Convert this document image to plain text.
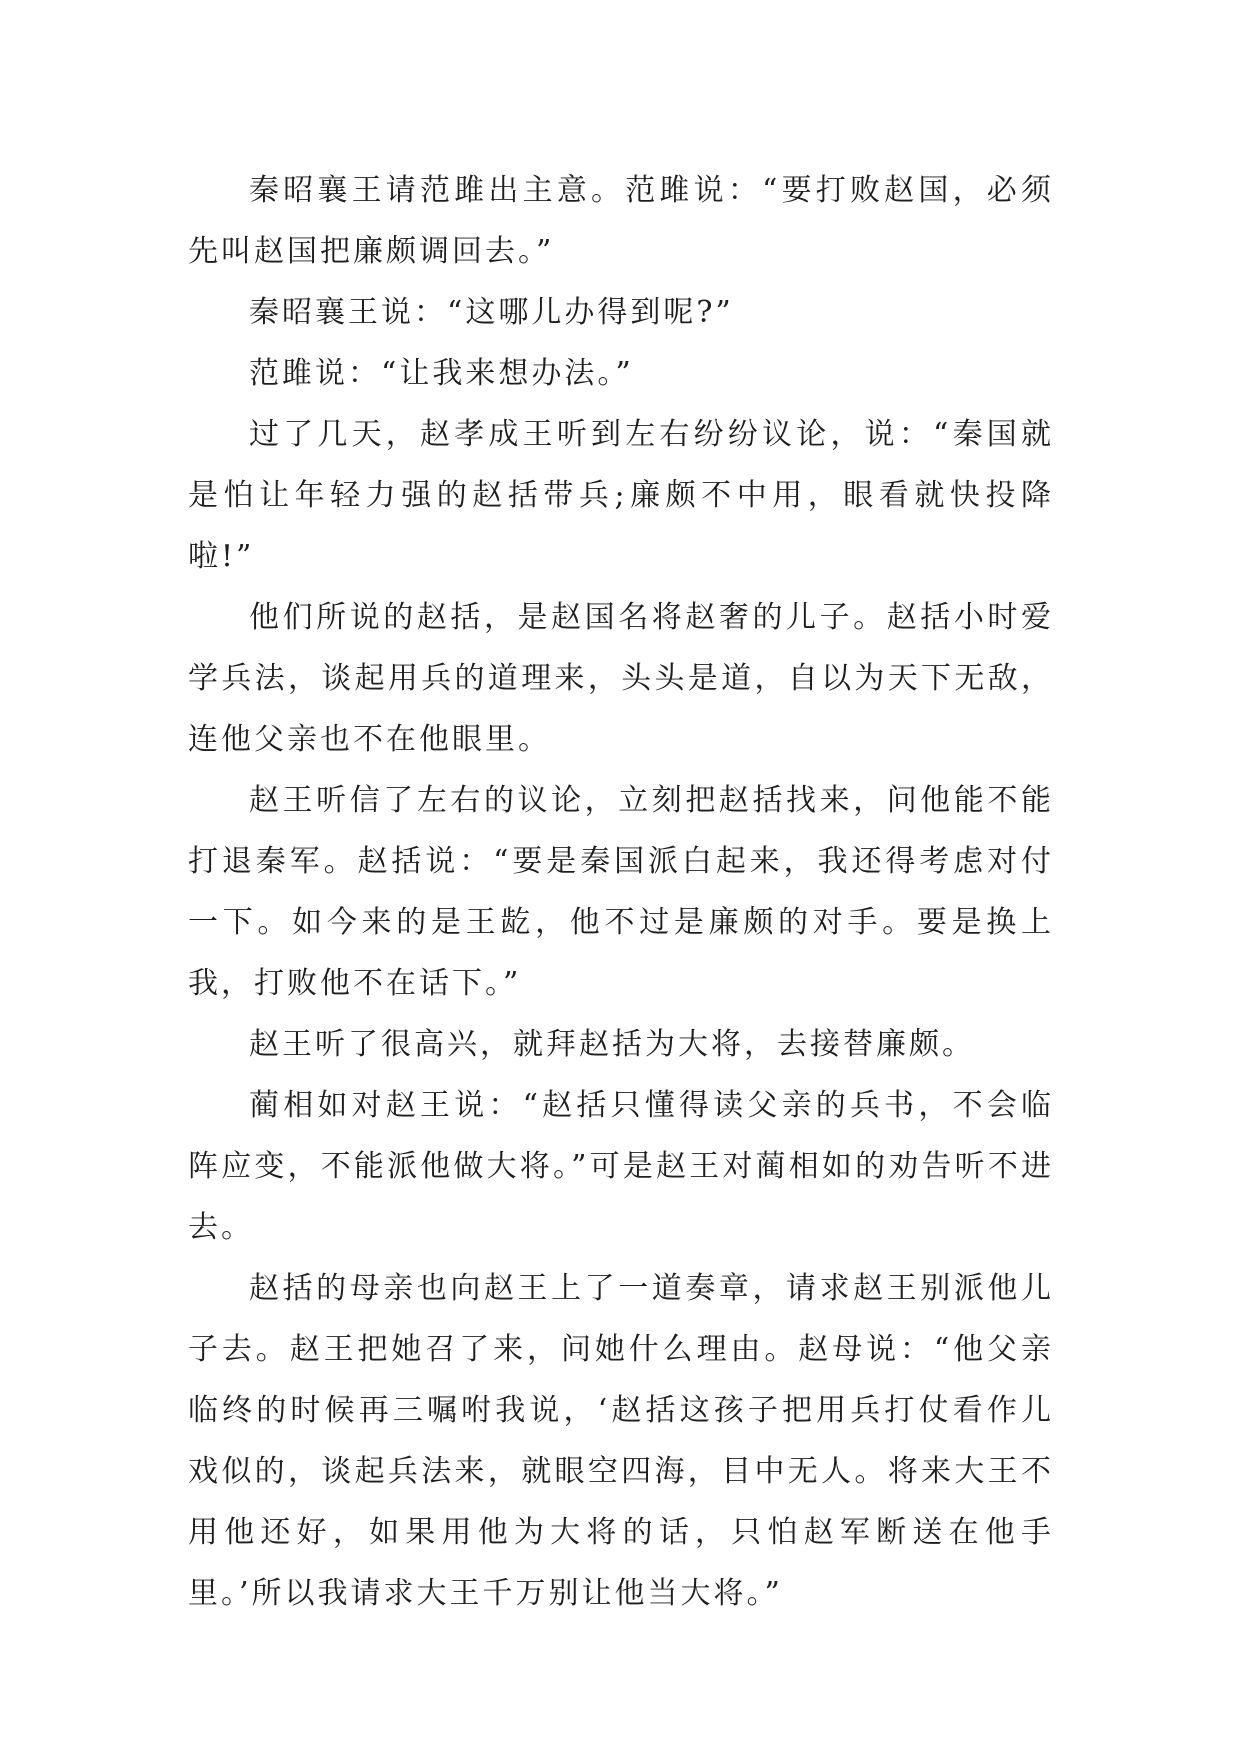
秦昭襄王请范雎出主意。范雎说：“要打败赵国，必须先叫赵国把廉颇调回去。”

秦昭襄王说：“这哪儿办得到呢?”

范雎说：“让我来想办法。”

过了几天，赵孝成王听到左右纷纷议论，说：“秦国就是怕让年轻力强的赵括带兵;廉颇不中用，眼看就快投降啦!”

他们所说的赵括，是赵国名将赵奢的儿子。赵括小时爱学兵法，谈起用兵的道理来，头头是道，自以为天下无敌，连他父亲也不在他眼里。

赵王听信了左右的议论，立刻把赵括找来，问他能不能打退秦军。赵括说：“要是秦国派白起来，我还得考虑对付一下。如今来的是王龁，他不过是廉颇的对手。要是换上我，打败他不在话下。”

赵王听了很高兴，就拜赵括为大将，去接替廉颇。

蔺相如对赵王说：“赵括只懂得读父亲的兵书，不会临阵应变，不能派他做大将。”可是赵王对蔺相如的劝告听不进去。

赵括的母亲也向赵王上了一道奏章，请求赵王别派他儿子去。赵王把她召了来，问她什么理由。赵母说：“他父亲临终的时候再三嘱咐我说，‘赵括这孩子把用兵打仗看作儿戏似的，谈起兵法来，就眼空四海，目中无人。将来大王不用他还好，如果用他为大将的话，只怕赵军断送在他手里。’所以我请求大王千万别让他当大将。”
